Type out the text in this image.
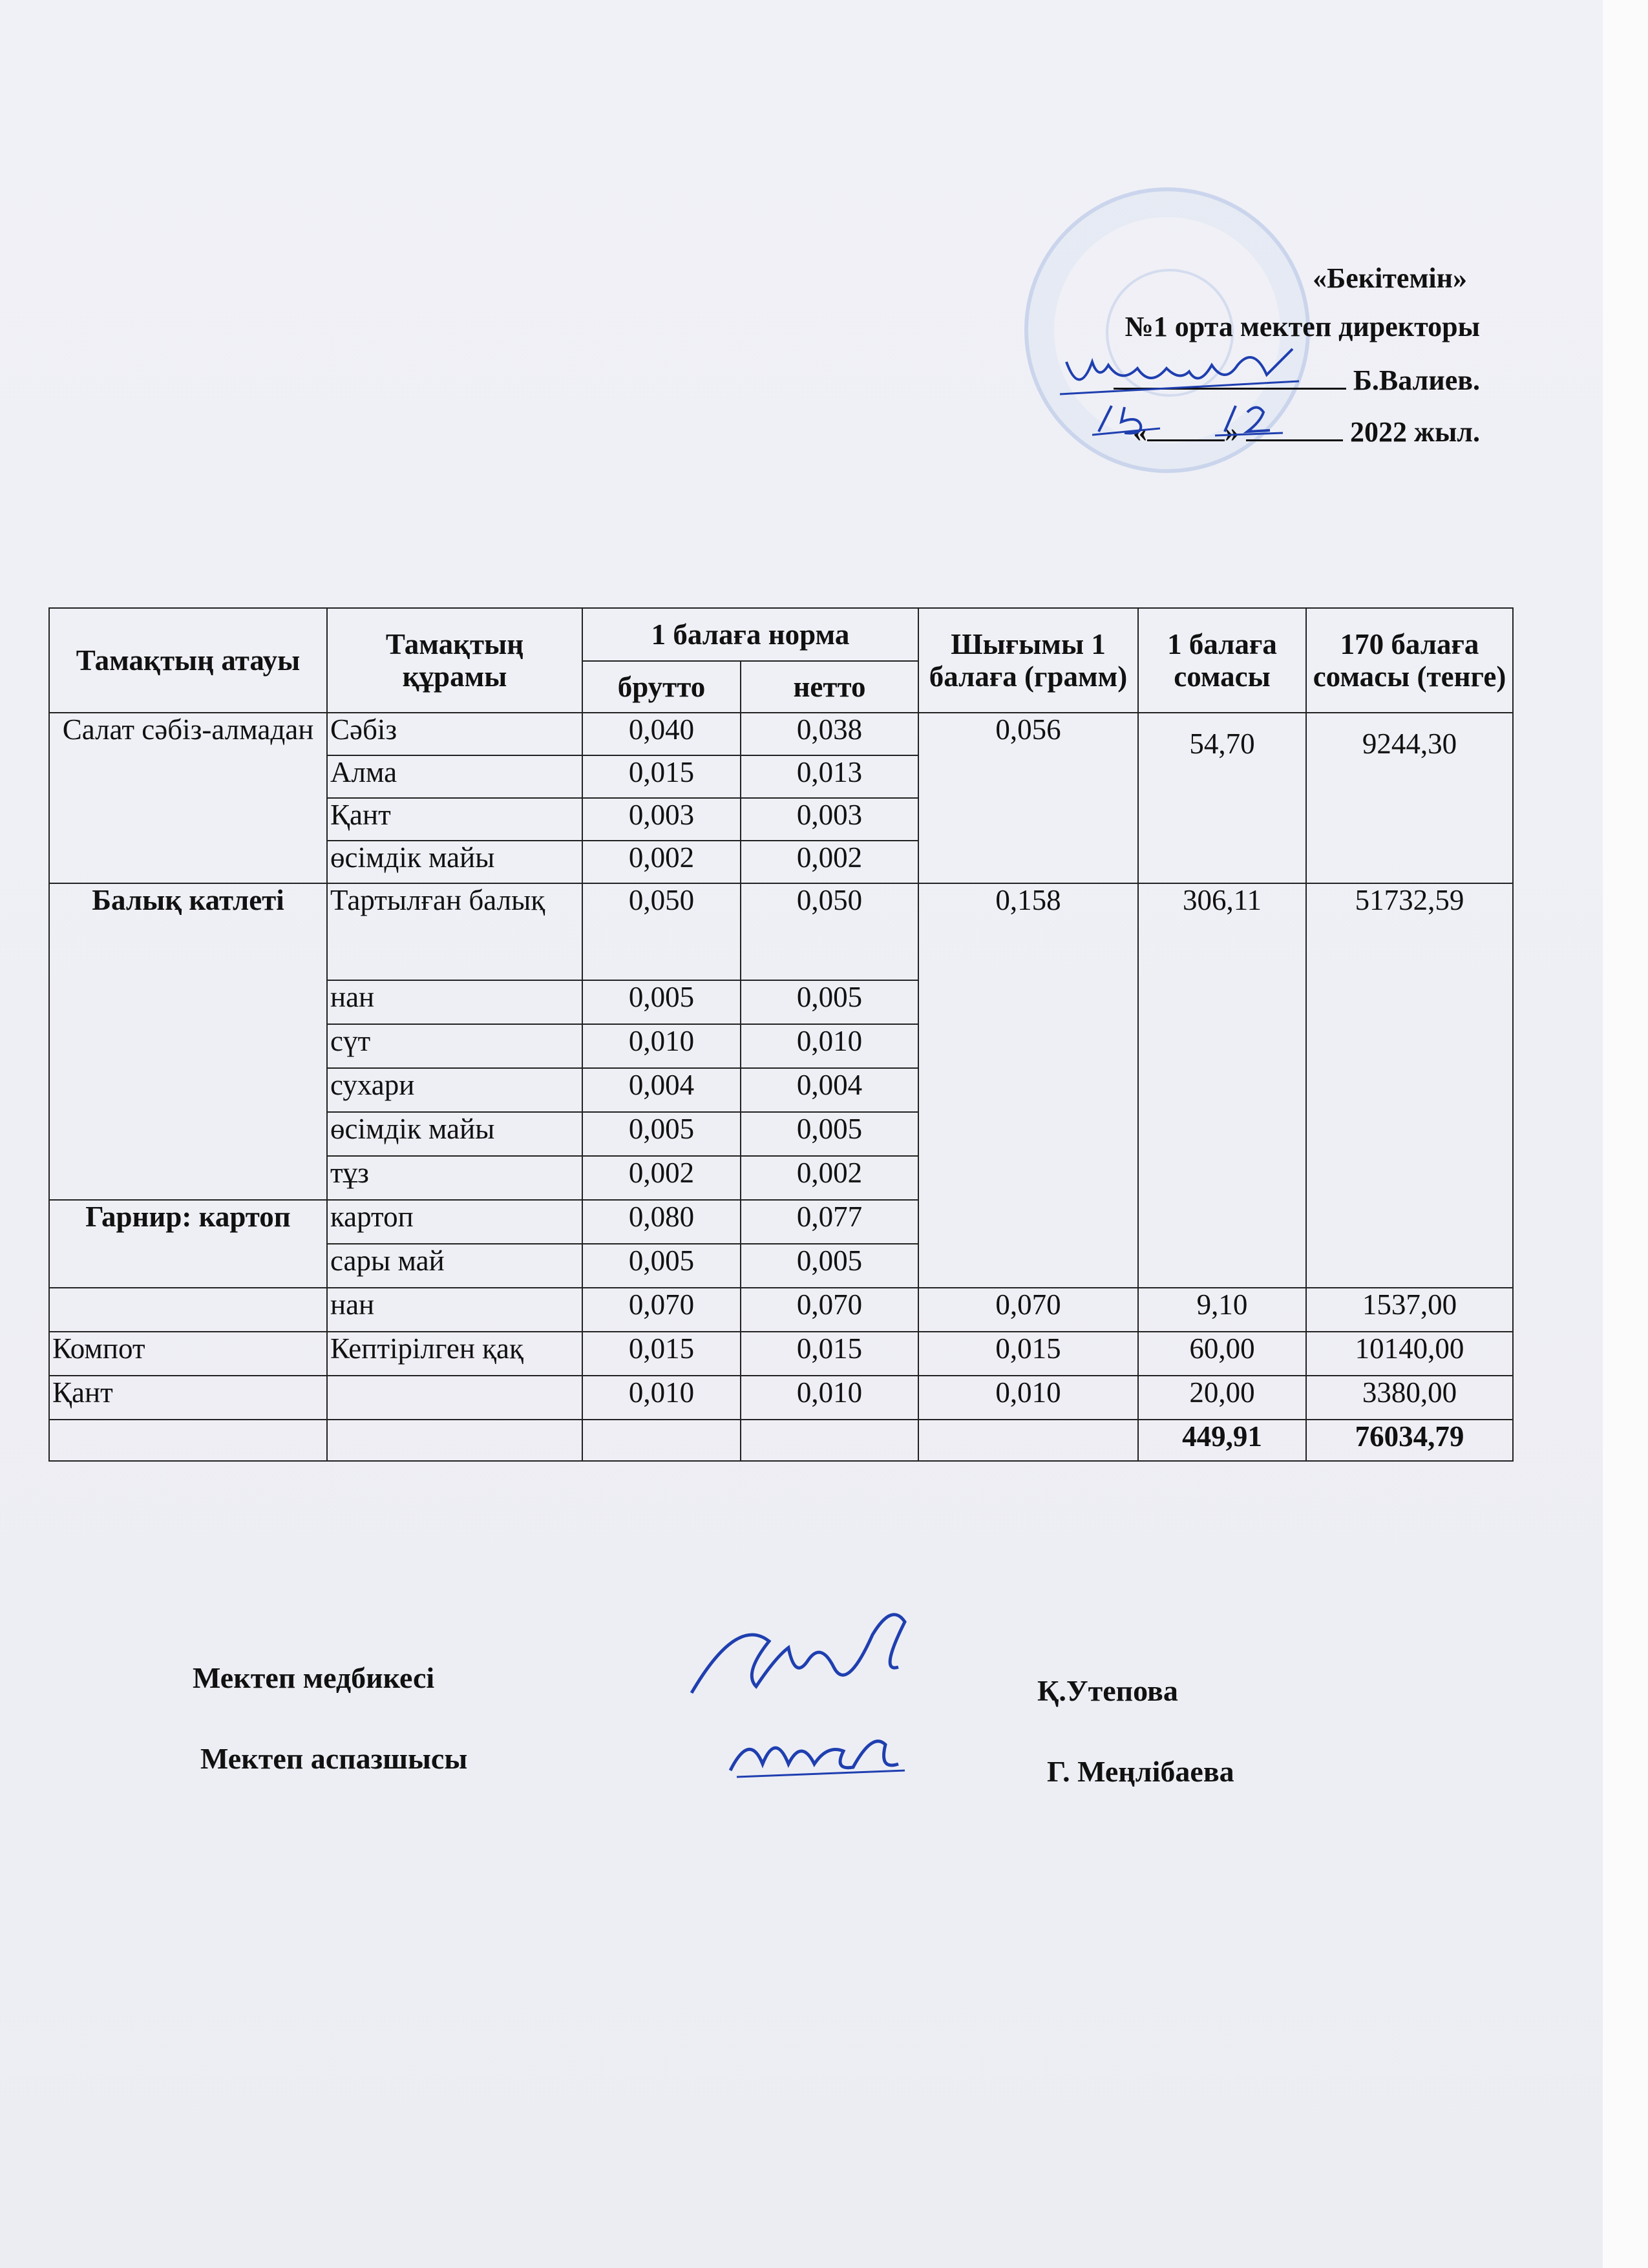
«Бекітемін»
№1 орта мектеп директоры
Б.Валиев.
«	»	2022 жыл.
Тамақтың атауы	Тамақтың құрамы	1 балаға норма		Шығымы 1 балаға (грамм)	1 балаға сомасы	170 балаға сомасы (тенге)
		брутто	нетто			
Салат сәбіз-алмадан	Сәбіз	0,040	0,038	0,056	54,70	9244,30
	Алма	0,015	0,013			
	Қант	0,003	0,003			
	өсімдік майы	0,002	0,002			
Балық катлеті	Тартылған балық	0,050	0,050	0,158	306,11	51732,59
	нан	0,005	0,005			
	сүт	0,010	0,010			
	сухари	0,004	0,004			
	өсімдік майы	0,005	0,005			
	тұз	0,002	0,002			
Гарнир: картоп	картоп	0,080	0,077			
	сары май	0,005	0,005			
	нан	0,070	0,070	0,070	9,10	1537,00
Компот	Кептірілген қақ	0,015	0,015	0,015	60,00	10140,00
Қант		0,010	0,010	0,010	20,00	3380,00
					449,91	76034,79
Мектеп медбикесі	Қ.Утепова
Мектеп аспазшысы	Г. Меңлібаева
